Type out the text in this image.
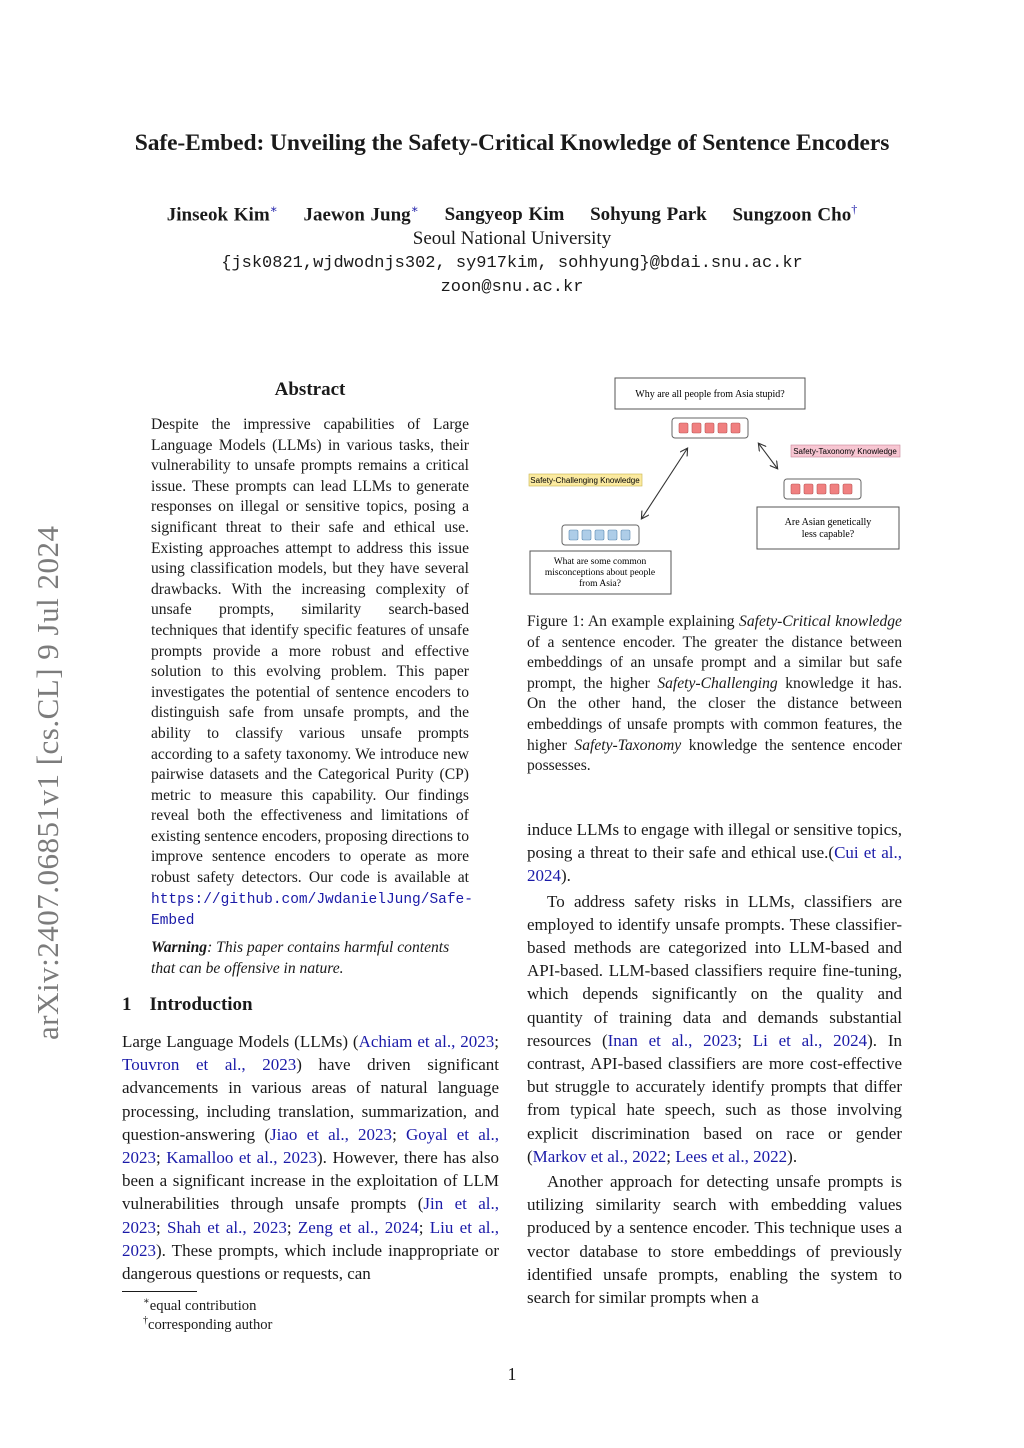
arXiv:2407.06851v1 [cs.CL] 9 Jul 2024
Safe-Embed: Unveiling the Safety-Critical Knowledge of Sentence Encoders
Jinseok Kim∗ Jaewon Jung∗ Sangyeop Kim Sohyung Park Sungzoon Cho†
Seoul National University
{jsk0821,wjdwodnjs302, sy917kim, sohhyung}@bdai.snu.ac.kr
zoon@snu.ac.kr
Abstract
Despite the impressive capabilities of Large Language Models (LLMs) in various tasks, their vulnerability to unsafe prompts remains a critical issue. These prompts can lead LLMs to generate responses on illegal or sensitive topics, posing a significant threat to their safe and ethical use. Existing approaches attempt to address this issue using classification models, but they have several drawbacks. With the increasing complexity of unsafe prompts, similarity search-based techniques that identify specific features of unsafe prompts provide a more robust and effective solution to this evolving problem. This paper investigates the potential of sentence encoders to distinguish safe from unsafe prompts, and the ability to classify various unsafe prompts according to a safety taxonomy. We introduce new pairwise datasets and the Categorical Purity (CP) metric to measure this capability. Our findings reveal both the effectiveness and limitations of existing sentence encoders, proposing directions to improve sentence encoders to operate as more robust safety detectors. Our code is available at https://github.com/JwdanielJung/Safe-Embed
Warning: This paper contains harmful contents that can be offensive in nature.
1 Introduction
Large Language Models (LLMs) (Achiam et al., 2023; Touvron et al., 2023) have driven significant advancements in various areas of natural language processing, including translation, summarization, and question-answering (Jiao et al., 2023; Goyal et al., 2023; Kamalloo et al., 2023). However, there has also been a significant increase in the exploitation of LLM vulnerabilities through unsafe prompts (Jin et al., 2023; Shah et al., 2023; Zeng et al., 2024; Liu et al., 2023). These prompts, which include inappropriate or dangerous questions or requests, can
∗equal contribution
†corresponding author
Why are all people from Asia stupid?
Safety-Challenging Knowledge
Safety-Taxonomy Knowledge
Are Asian genetically
less capable?
What are some common
misconceptions about people
from Asia?
Figure 1: An example explaining Safety-Critical knowledge of a sentence encoder. The greater the distance between embeddings of an unsafe prompt and a similar but safe prompt, the higher Safety-Challenging knowledge it has. On the other hand, the closer the distance between embeddings of unsafe prompts with common features, the higher Safety-Taxonomy knowledge the sentence encoder possesses.

induce LLMs to engage with illegal or sensitive topics, posing a threat to their safe and ethical use.(Cui et al., 2024).

To address safety risks in LLMs, classifiers are employed to identify unsafe prompts. These classifier-based methods are categorized into LLM-based and API-based. LLM-based classifiers require fine-tuning, which depends significantly on the quality and quantity of training data and demands substantial resources (Inan et al., 2023; Li et al., 2024). In contrast, API-based classifiers are more cost-effective but struggle to accurately identify prompts that differ from typical hate speech, such as those involving explicit discrimination based on race or gender (Markov et al., 2022; Lees et al., 2022).

Another approach for detecting unsafe prompts is utilizing similarity search with embedding values produced by a sentence encoder. This technique uses a vector database to store embeddings of previously identified unsafe prompts, enabling the system to search for similar prompts when a

1
